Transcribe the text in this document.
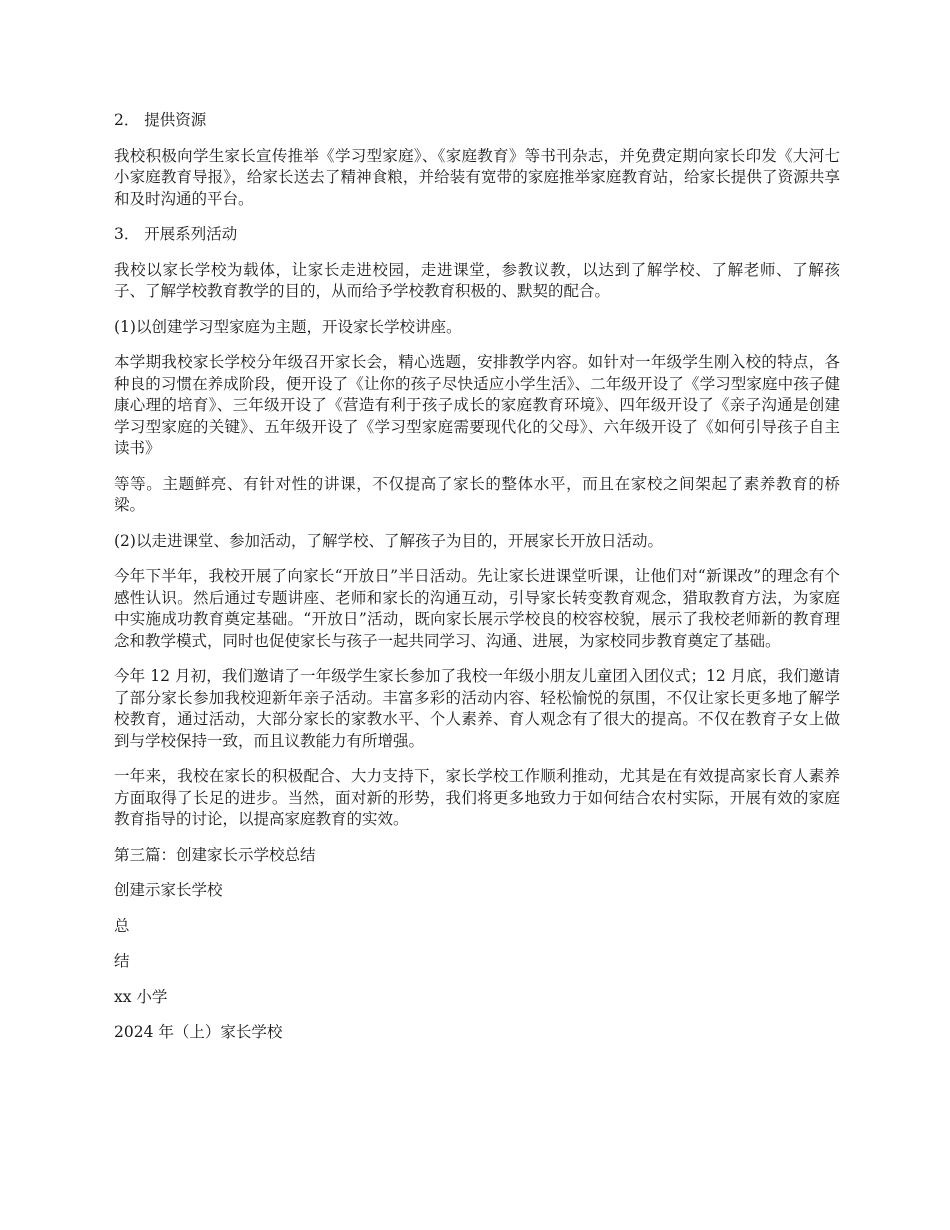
2． 提供资源

我校积极向学生家长宣传推举《学习型家庭》、《家庭教育》等书刊杂志，并免费定期向家长印发《大河七小家庭教育导报》，给家长送去了精神食粮，并给装有宽带的家庭推举家庭教育站，给家长提供了资源共享和及时沟通的平台。

3． 开展系列活动

我校以家长学校为载体，让家长走进校园，走进课堂，参教议教，以达到了解学校、了解老师、了解孩子、了解学校教育教学的目的，从而给予学校教育积极的、默契的配合。

(1)以创建学习型家庭为主题，开设家长学校讲座。

本学期我校家长学校分年级召开家长会，精心选题，安排教学内容。如针对一年级学生刚入校的特点，各种良的习惯在养成阶段，便开设了《让你的孩子尽快适应小学生活》、二年级开设了《学习型家庭中孩子健康心理的培育》、三年级开设了《营造有利于孩子成长的家庭教育环境》、四年级开设了《亲子沟通是创建学习型家庭的关键》、五年级开设了《学习型家庭需要现代化的父母》、六年级开设了《如何引导孩子自主读书》

等等。主题鲜亮、有针对性的讲课，不仅提高了家长的整体水平，而且在家校之间架起了素养教育的桥梁。

(2)以走进课堂、参加活动，了解学校、了解孩子为目的，开展家长开放日活动。

今年下半年，我校开展了向家长“开放日”半日活动。先让家长进课堂听课，让他们对“新课改”的理念有个感性认识。然后通过专题讲座、老师和家长的沟通互动，引导家长转变教育观念，猎取教育方法，为家庭中实施成功教育奠定基础。“开放日”活动，既向家长展示学校良的校容校貌，展示了我校老师新的教育理念和教学模式，同时也促使家长与孩子一起共同学习、沟通、进展，为家校同步教育奠定了基础。

今年 12 月初，我们邀请了一年级学生家长参加了我校一年级小朋友儿童团入团仪式；12 月底，我们邀请了部分家长参加我校迎新年亲子活动。丰富多彩的活动内容、轻松愉悦的氛围，不仅让家长更多地了解学校教育，通过活动，大部分家长的家教水平、个人素养、育人观念有了很大的提高。不仅在教育子女上做到与学校保持一致，而且议教能力有所增强。

一年来，我校在家长的积极配合、大力支持下，家长学校工作顺利推动，尤其是在有效提高家长育人素养方面取得了长足的进步。当然，面对新的形势，我们将更多地致力于如何结合农村实际，开展有效的家庭教育指导的讨论，以提高家庭教育的实效。

第三篇：创建家长示学校总结

创建示家长学校

总

结

xx 小学

2024 年（上）家长学校
